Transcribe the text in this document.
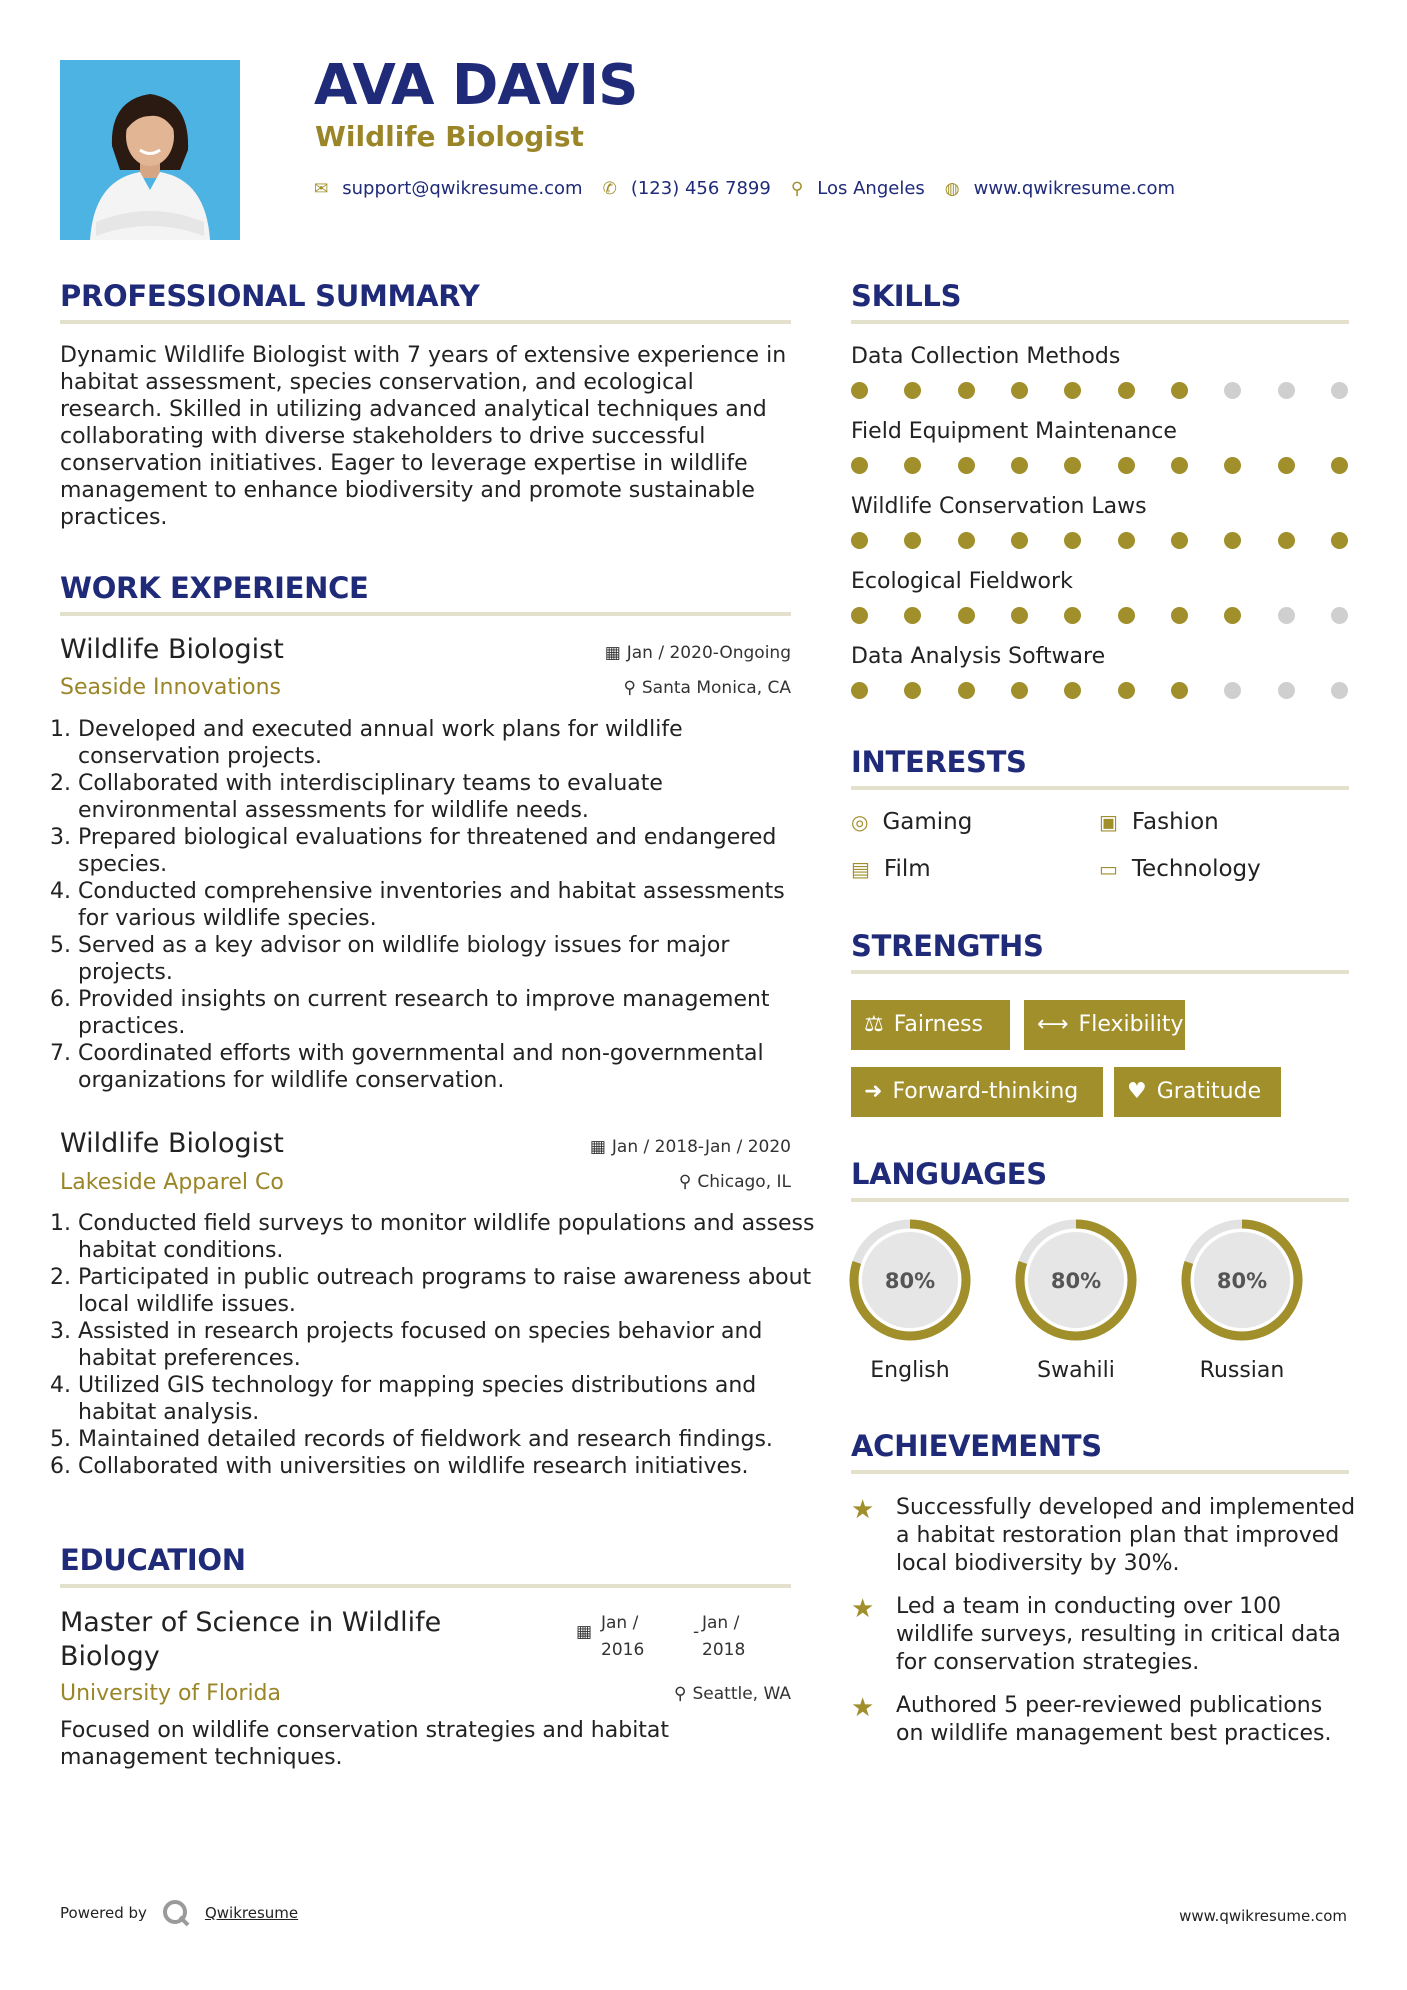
AVA DAVIS
Wildlife Biologist
✉ support@qwikresume.com ✆ (123) 456 7899 ⚲ Los Angeles ◍ www.qwikresume.com
PROFESSIONAL SUMMARY

Dynamic Wildlife Biologist with 7 years of extensive experience in habitat assessment, species conservation, and ecological research. Skilled in utilizing advanced analytical techniques and collaborating with diverse stakeholders to drive successful conservation initiatives. Eager to leverage expertise in wildlife management to enhance biodiversity and promote sustainable practices.

WORK EXPERIENCE
Wildlife Biologist	▦ Jan / 2020-Ongoing
Seaside Innovations	⚲ Santa Monica, CA
1. Developed and executed annual work plans for wildlife conservation projects.
2. Collaborated with interdisciplinary teams to evaluate environmental assessments for wildlife needs.
3. Prepared biological evaluations for threatened and endangered species.
4. Conducted comprehensive inventories and habitat assessments for various wildlife species.
5. Served as a key advisor on wildlife biology issues for major projects.
6. Provided insights on current research to improve management practices.
7. Coordinated efforts with governmental and non-governmental organizations for wildlife conservation.
Wildlife Biologist	▦ Jan / 2018-Jan / 2020
Lakeside Apparel Co	⚲ Chicago, IL
1. Conducted field surveys to monitor wildlife populations and assess habitat conditions.
2. Participated in public outreach programs to raise awareness about local wildlife issues.
3. Assisted in research projects focused on species behavior and habitat preferences.
4. Utilized GIS technology for mapping species distributions and habitat analysis.
5. Maintained detailed records of fieldwork and research findings.
6. Collaborated with universities on wildlife research initiatives.
EDUCATION
Master of Science in Wildlife Biology
▦ Jan /
2016
- Jan /
2018
University of Florida	⚲ Seattle, WA

Focused on wildlife conservation strategies and habitat management techniques.

SKILLS
Data Collection Methods
Field Equipment Maintenance
Wildlife Conservation Laws
Ecological Fieldwork
Data Analysis Software
INTERESTS
◎ Gaming	▣ Fashion
▤ Film	▭ Technology
STRENGTHS
⚖ Fairness	⟷ Flexibility
➜ Forward-thinking	♥ Gratitude
LANGUAGES
80%
English
80%
Swahili
80%
Russian
ACHIEVEMENTS
★ Successfully developed and implemented a habitat restoration plan that improved local biodiversity by 30%.

★ Led a team in conducting over 100 wildlife surveys, resulting in critical data for conservation strategies.

★ Authored 5 peer-reviewed publications on wildlife management best practices.

Powered by	Qwikresume	www.qwikresume.com
